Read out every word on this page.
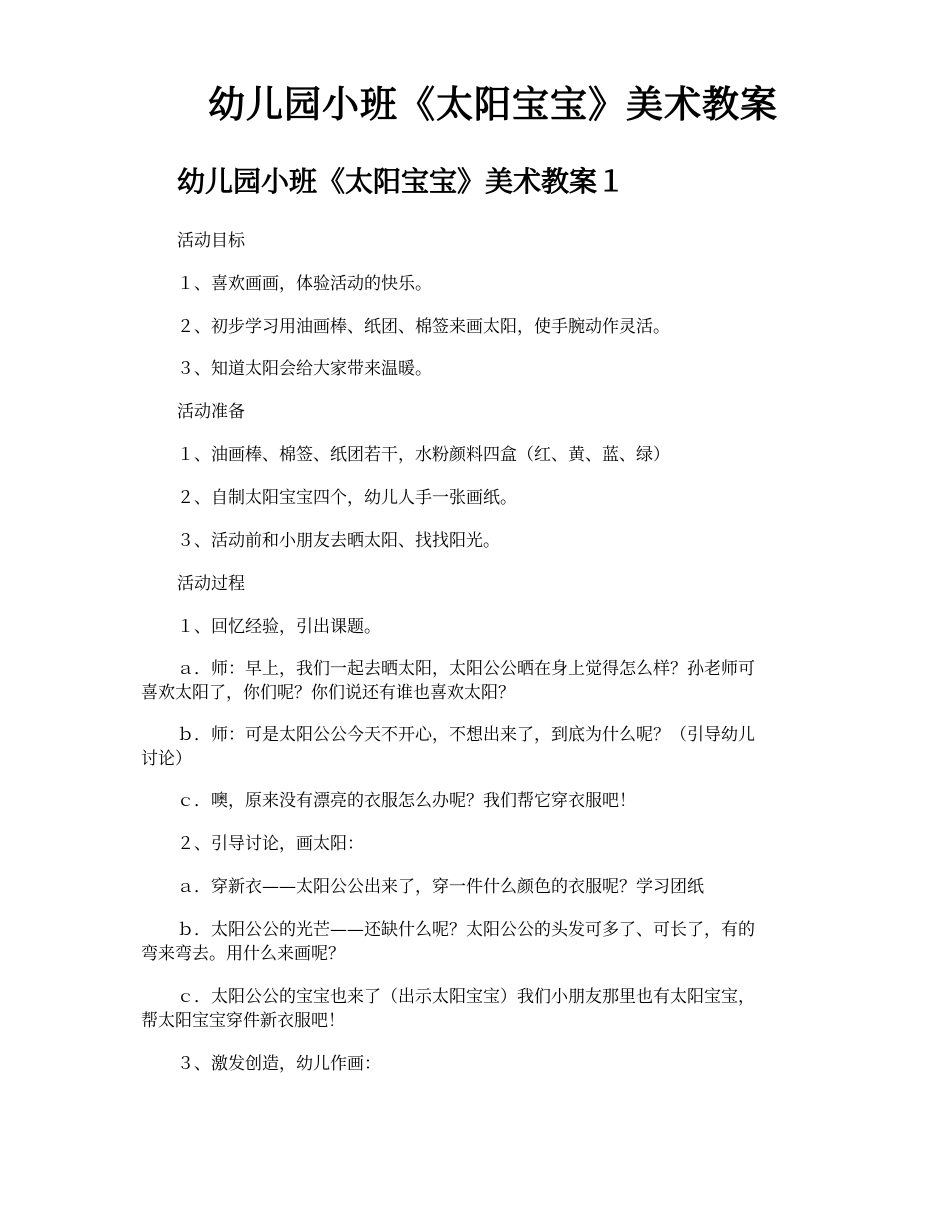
幼儿园小班《太阳宝宝》美术教案
幼儿园小班《太阳宝宝》美术教案１
活动目标
１、喜欢画画，体验活动的快乐。
２、初步学习用油画棒、纸团、棉签来画太阳，使手腕动作灵活。
３、知道太阳会给大家带来温暖。
活动准备
１、油画棒、棉签、纸团若干，水粉颜料四盒（红、黄、蓝、绿）
２、自制太阳宝宝四个，幼儿人手一张画纸。
３、活动前和小朋友去晒太阳、找找阳光。
活动过程
１、回忆经验，引出课题。
ａ．师：早上，我们一起去晒太阳，太阳公公晒在身上觉得怎么样？孙老师可
喜欢太阳了，你们呢？你们说还有谁也喜欢太阳？
ｂ．师：可是太阳公公今天不开心，不想出来了，到底为什么呢？（引导幼儿
讨论）
ｃ．噢，原来没有漂亮的衣服怎么办呢？我们帮它穿衣服吧！
２、引导讨论，画太阳：
ａ．穿新衣——太阳公公出来了，穿一件什么颜色的衣服呢？学习团纸
ｂ．太阳公公的光芒——还缺什么呢？太阳公公的头发可多了、可长了，有的
弯来弯去。用什么来画呢？
ｃ．太阳公公的宝宝也来了（出示太阳宝宝）我们小朋友那里也有太阳宝宝，
帮太阳宝宝穿件新衣服吧！
３、激发创造，幼儿作画：
